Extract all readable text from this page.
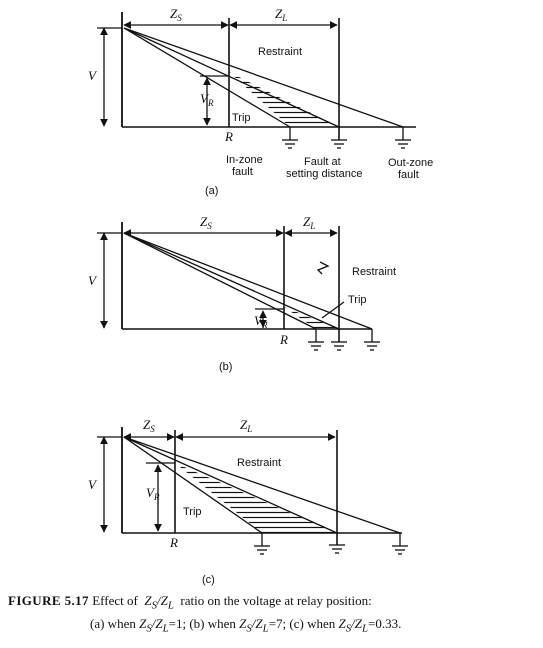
$Z_S$	$Z_L$
V
$V_R$
Restraint
Trip
R
In-zone fault
Fault at setting distance
Out-zone fault
(a)
$Z_S$	$Z_L$
V
$V_R$
Restraint
Trip
R
(b)
$Z_S$	$Z_L$
V
$V_R$
Restraint
Trip
R
(c)
FIGURE 5.17 Effect of $Z_S/Z_L$ ratio on the voltage at relay position:
(a) when $Z_S/Z_L=1$; (b) when $Z_S/Z_L=7$; (c) when $Z_S/Z_L=0.33$.
